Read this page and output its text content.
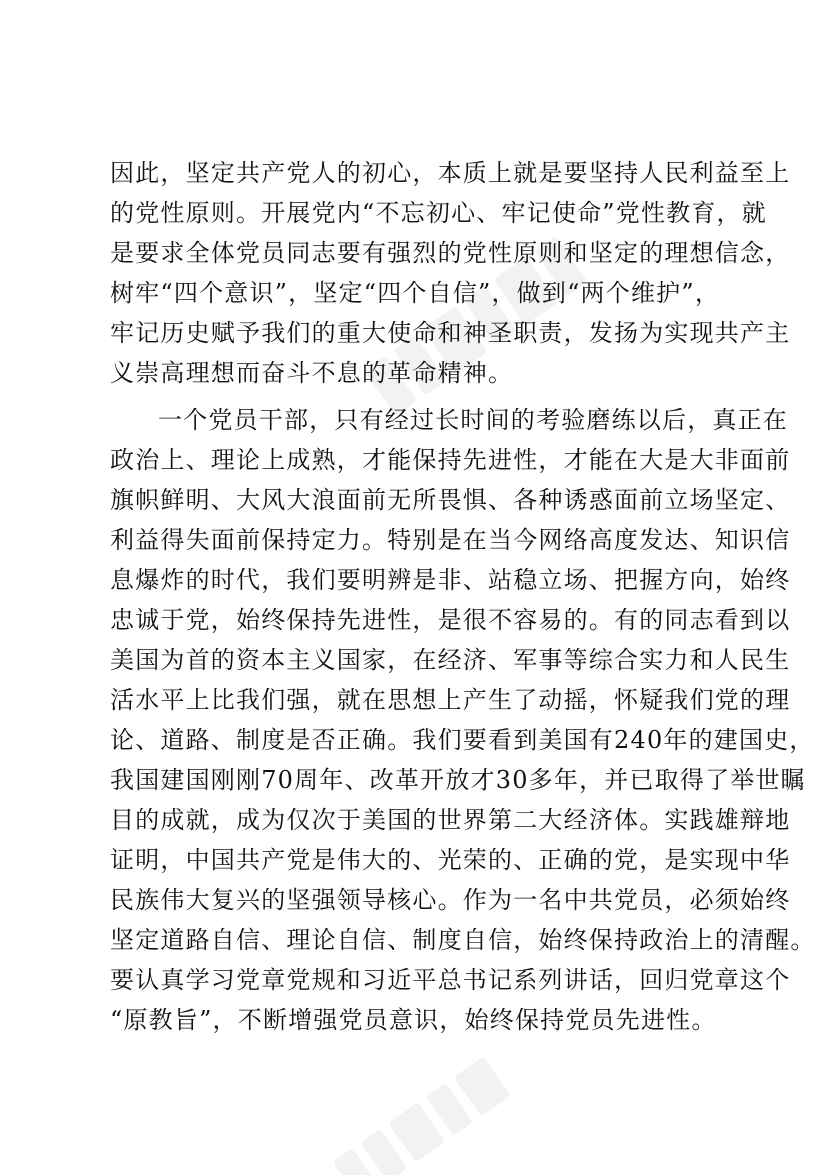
因此，坚定共产党人的初心，本质上就是要坚持人民利益至上
的党性原则。开展党内“不忘初心、牢记使命”党性教育，就
是要求全体党员同志要有强烈的党性原则和坚定的理想信念，
树牢“四个意识”，坚定“四个自信”，做到“两个维护”，
牢记历史赋予我们的重大使命和神圣职责，发扬为实现共产主
义崇高理想而奋斗不息的革命精神。
一个党员干部，只有经过长时间的考验磨练以后，真正在
政治上、理论上成熟，才能保持先进性，才能在大是大非面前
旗帜鲜明、大风大浪面前无所畏惧、各种诱惑面前立场坚定、
利益得失面前保持定力。特别是在当今网络高度发达、知识信
息爆炸的时代，我们要明辨是非、站稳立场、把握方向，始终
忠诚于党，始终保持先进性，是很不容易的。有的同志看到以
美国为首的资本主义国家，在经济、军事等综合实力和人民生
活水平上比我们强，就在思想上产生了动摇，怀疑我们党的理
论、道路、制度是否正确。我们要看到美国有240年的建国史，
我国建国刚刚70周年、改革开放才30多年，并已取得了举世瞩
目的成就，成为仅次于美国的世界第二大经济体。实践雄辩地
证明，中国共产党是伟大的、光荣的、正确的党，是实现中华
民族伟大复兴的坚强领导核心。作为一名中共党员，必须始终
坚定道路自信、理论自信、制度自信，始终保持政治上的清醒。
要认真学习党章党规和习近平总书记系列讲话，回归党章这个
“原教旨”，不断增强党员意识，始终保持党员先进性。
